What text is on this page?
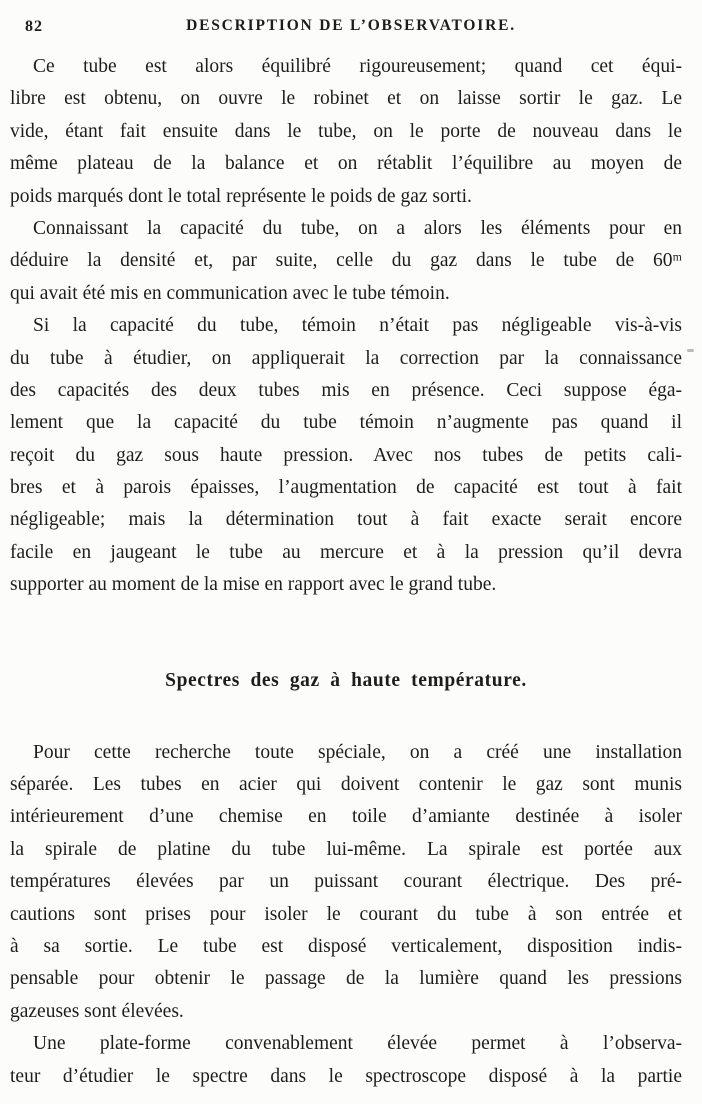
82	DESCRIPTION DE L’OBSERVATOIRE.
Ce tube est alors équilibré rigoureusement; quand cet équi-
libre est obtenu, on ouvre le robinet et on laisse sortir le gaz. Le
vide, étant fait ensuite dans le tube, on le porte de nouveau dans le
même plateau de la balance et on rétablit l’équilibre au moyen de
poids marqués dont le total représente le poids de gaz sorti.
Connaissant la capacité du tube, on a alors les éléments pour en
déduire la densité et, par suite, celle du gaz dans le tube de 60ᵐ
qui avait été mis en communication avec le tube témoin.
Si la capacité du tube, témoin n’était pas négligeable vis-à-vis
du tube à étudier, on appliquerait la correction par la connaissance
des capacités des deux tubes mis en présence. Ceci suppose éga-
lement que la capacité du tube témoin n’augmente pas quand il
reçoit du gaz sous haute pression. Avec nos tubes de petits cali-
bres et à parois épaisses, l’augmentation de capacité est tout à fait
négligeable; mais la détermination tout à fait exacte serait encore
facile en jaugeant le tube au mercure et à la pression qu’il devra
supporter au moment de la mise en rapport avec le grand tube.
Spectres des gaz à haute température.
Pour cette recherche toute spéciale, on a créé une installation
séparée. Les tubes en acier qui doivent contenir le gaz sont munis
intérieurement d’une chemise en toile d’amiante destinée à isoler
la spirale de platine du tube lui-même. La spirale est portée aux
températures élevées par un puissant courant électrique. Des pré-
cautions sont prises pour isoler le courant du tube à son entrée et
à sa sortie. Le tube est disposé verticalement, disposition indis-
pensable pour obtenir le passage de la lumière quand les pressions
gazeuses sont élevées.
Une plate-forme convenablement élevée permet à l’observa-
teur d’étudier le spectre dans le spectroscope disposé à la partie
